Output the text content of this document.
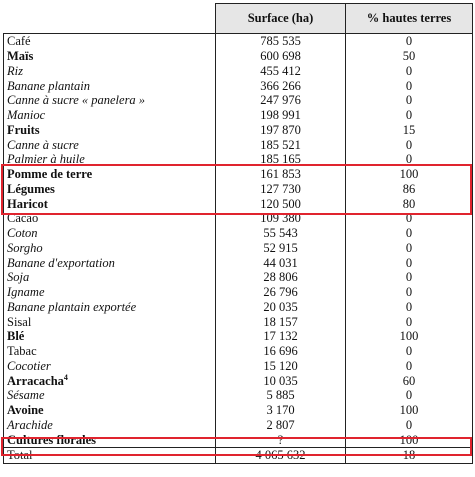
	Surface (ha)	% hautes terres
Café	785 535	0
Maïs	600 698	50
Riz	455 412	0
Banane plantain	366 266	0
Canne à sucre « panelera »	247 976	0
Manioc	198 991	0
Fruits	197 870	15
Canne à sucre	185 521	0
Palmier à huile	185 165	0
Pomme de terre	161 853	100
Légumes	127 730	86
Haricot	120 500	80
Cacao	109 380	0
Coton	55 543	0
Sorgho	52 915	0
Banane d'exportation	44 031	0
Soja	28 806	0
Igname	26 796	0
Banane plantain exportée	20 035	0
Sisal	18 157	0
Blé	17 132	100
Tabac	16 696	0
Cocotier	15 120	0
Arracacha$^4$	10 035	60
Sésame	5 885	0
Avoine	3 170	100
Arachide	2 807	0
Cultures florales	?	100
Total	4 065 632	18
